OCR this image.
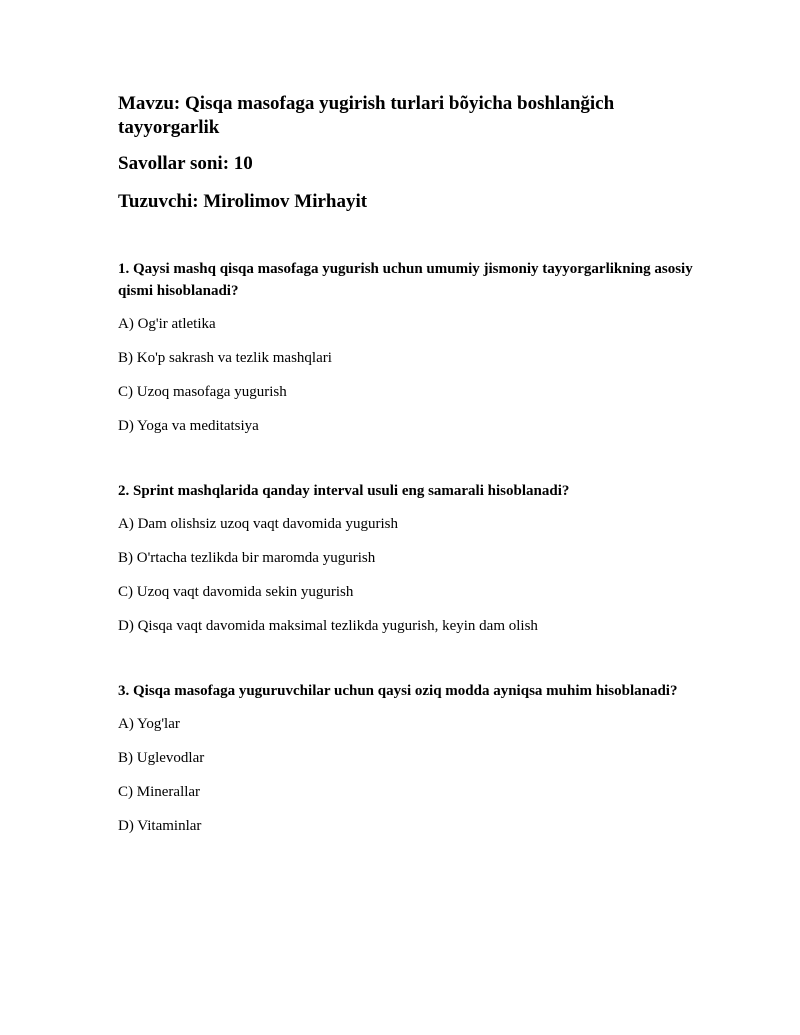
Mavzu: Qisqa masofaga yugirish turlari bõyicha boshlanğich tayyorgarlik
Savollar soni: 10
Tuzuvchi: Mirolimov Mirhayit
1. Qaysi mashq qisqa masofaga yugurish uchun umumiy jismoniy tayyorgarlikning asosiy qismi hisoblanadi?
A) Og'ir atletika
B) Ko'p sakrash va tezlik mashqlari
C) Uzoq masofaga yugurish
D) Yoga va meditatsiya
2. Sprint mashqlarida qanday interval usuli eng samarali hisoblanadi?
A) Dam olishsiz uzoq vaqt davomida yugurish
B) O'rtacha tezlikda bir maromda yugurish
C) Uzoq vaqt davomida sekin yugurish
D) Qisqa vaqt davomida maksimal tezlikda yugurish, keyin dam olish
3. Qisqa masofaga yuguruvchilar uchun qaysi oziq modda ayniqsa muhim hisoblanadi?
A) Yog'lar
B) Uglevodlar
C) Minerallar
D) Vitaminlar
